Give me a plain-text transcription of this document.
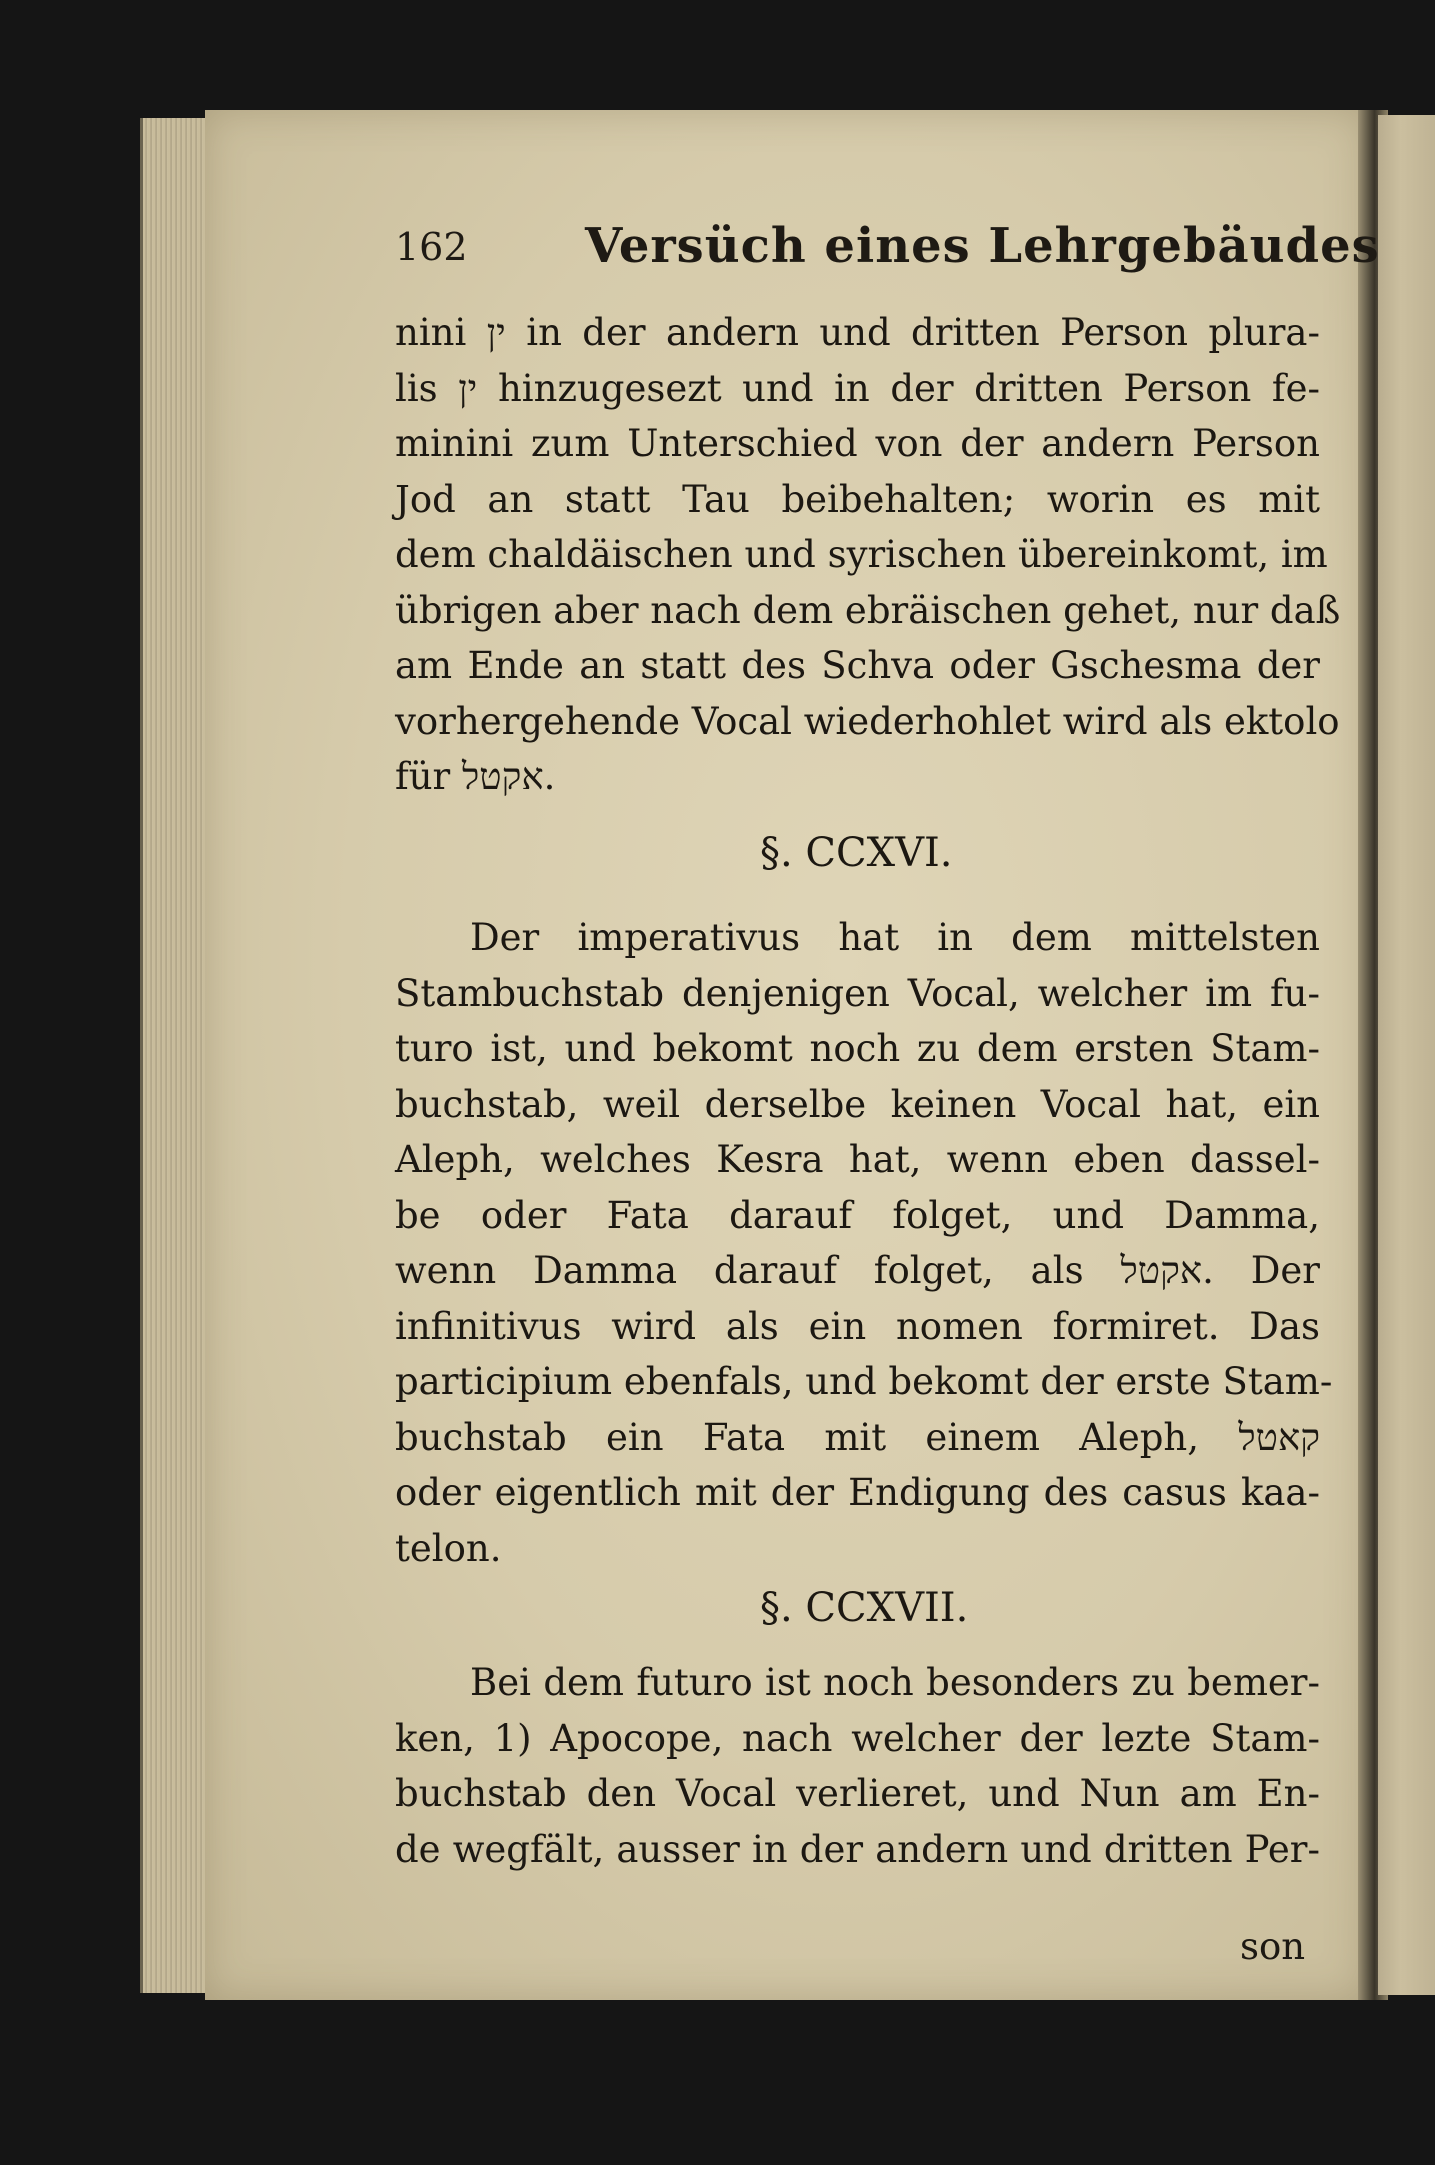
162 Versüch eines Lehrgebäudes
nini ין in der andern und dritten Person plura-
lis ין hinzugesezt und in der dritten Person fe-
minini zum Unterschied von der andern Person
Jod an statt Tau beibehalten; worin es mit
dem chaldäischen und syrischen übereinkomt, im
übrigen aber nach dem ebräischen gehet, nur daß
am Ende an statt des Schva oder Gschesma der
vorhergehende Vocal wiederhohlet wird als ektolo
für אקטל.
§. CCXVI.
Der imperativus hat in dem mittelsten
Stambuchstab denjenigen Vocal, welcher im fu-
turo ist, und bekomt noch zu dem ersten Stam-
buchstab, weil derselbe keinen Vocal hat, ein
Aleph, welches Kesra hat, wenn eben dassel-
be oder Fata darauf folget, und Damma,
wenn Damma darauf folget, als אקטל. Der
infinitivus wird als ein nomen formiret. Das
participium ebenfals, und bekomt der erste Stam-
buchstab ein Fata mit einem Aleph, קאטל
oder eigentlich mit der Endigung des casus kaa-
telon.
§. CCXVII.
Bei dem futuro ist noch besonders zu bemer-
ken, 1) Apocope, nach welcher der lezte Stam-
buchstab den Vocal verlieret, und Nun am En-
de wegfält, ausser in der andern und dritten Per-
son
